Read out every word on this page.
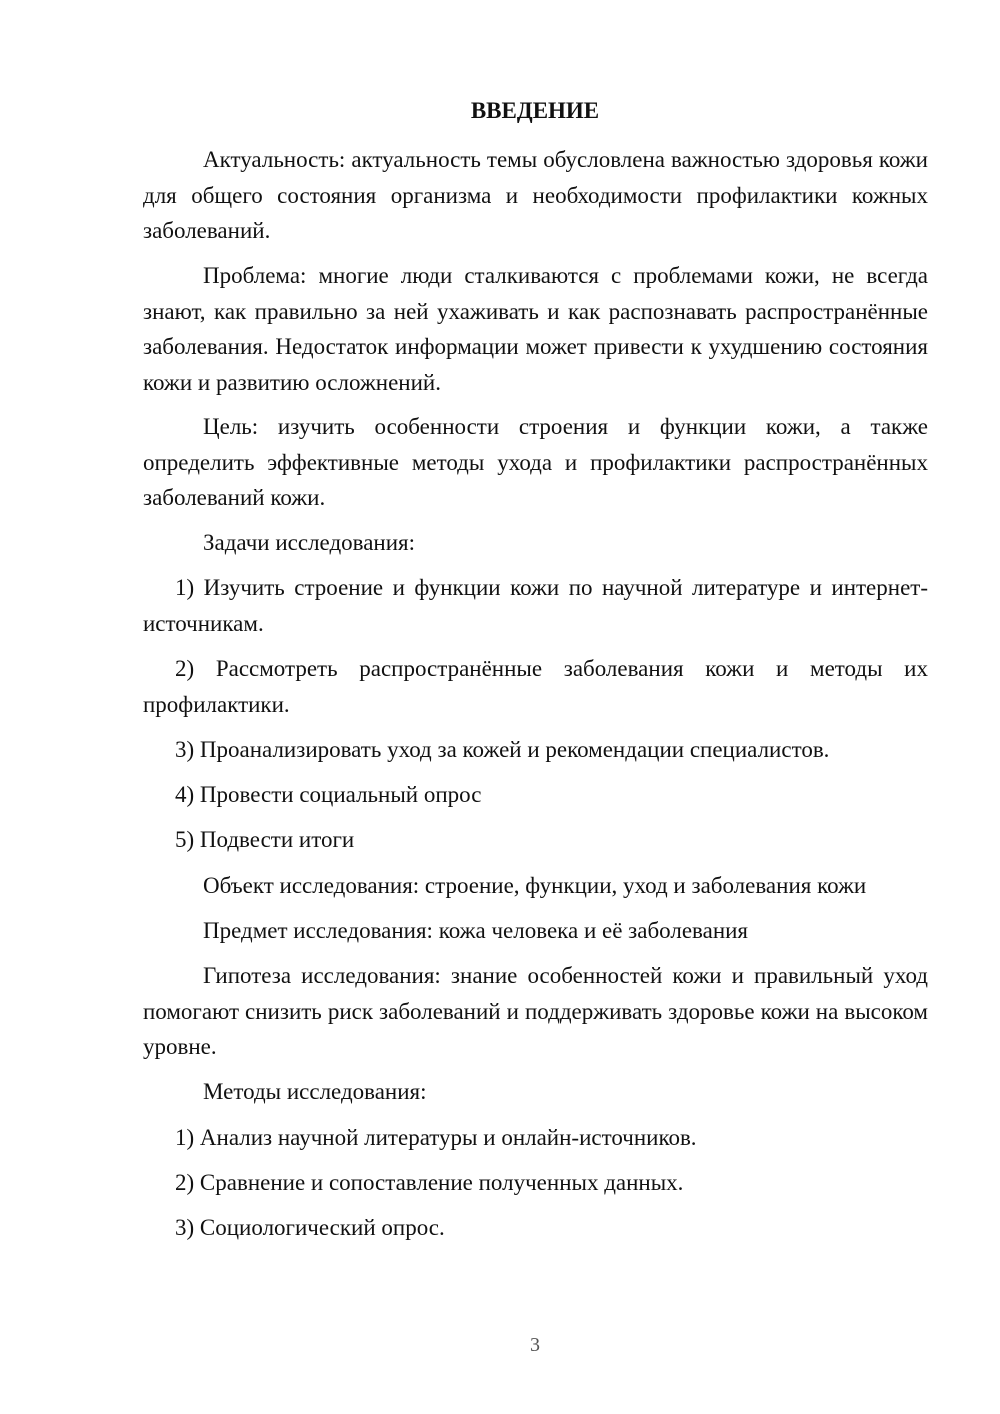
ВВЕДЕНИЕ

Актуальность: актуальность темы обусловлена важностью здоровья кожи для общего состояния организма и необходимости профилактики кожных заболеваний.

Проблема: многие люди сталкиваются с проблемами кожи, не всегда знают, как правильно за ней ухаживать и как распознавать распространённые заболевания. Недостаток информации может привести к ухудшению состояния кожи и развитию осложнений.

Цель: изучить особенности строения и функции кожи, а также определить эффективные методы ухода и профилактики распространённых заболеваний кожи.

Задачи исследования:

1) Изучить строение и функции кожи по научной литературе и интернет-источникам.

2) Рассмотреть распространённые заболевания кожи и методы их профилактики.

3) Проанализировать уход за кожей и рекомендации специалистов.

4) Провести социальный опрос

5) Подвести итоги

Объект исследования: строение, функции, уход и заболевания кожи

Предмет исследования: кожа человека и её заболевания

Гипотеза исследования: знание особенностей кожи и правильный уход помогают снизить риск заболеваний и поддерживать здоровье кожи на высоком уровне.

Методы исследования:

1) Анализ научной литературы и онлайн-источников.

2) Сравнение и сопоставление полученных данных.

3) Социологический опрос.

3
